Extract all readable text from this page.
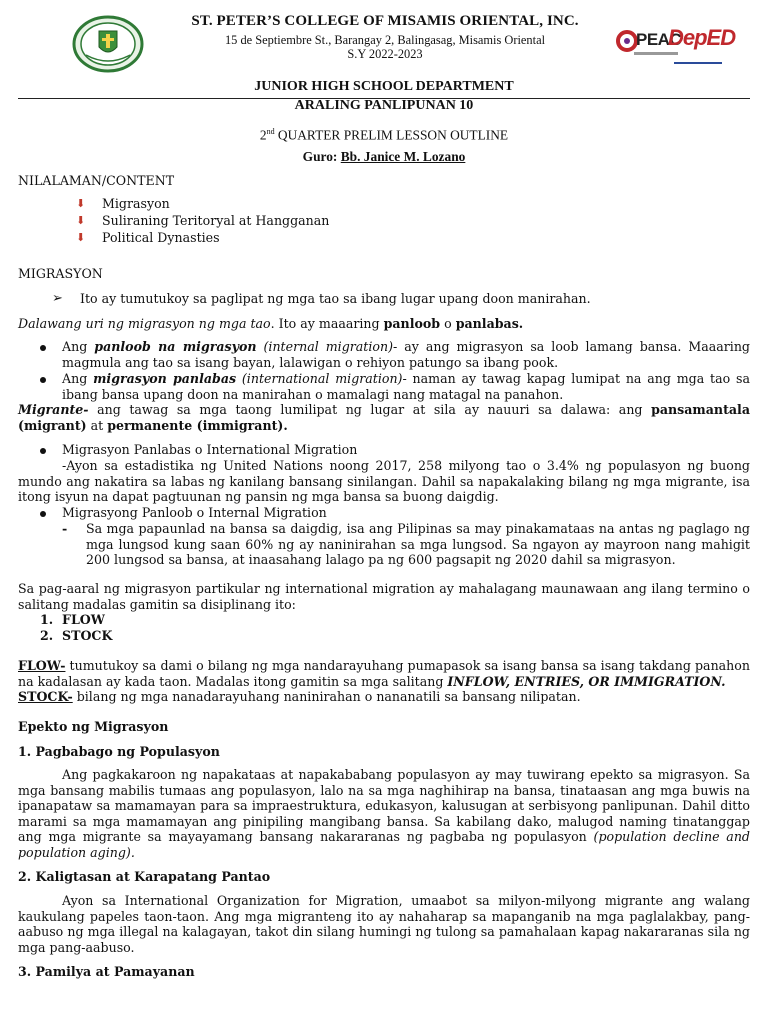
ST. PETER’S COLLEGE OF MISAMIS ORIENTAL, INC.
15 de Septiembre St., Barangay 2, Balingasag, Misamis Oriental
S.Y 2022-2023
PEAC
DepED
JUNIOR HIGH SCHOOL DEPARTMENT
ARALING PANLIPUNAN 10
2nd QUARTER PRELIM LESSON OUTLINE
Guro: Bb. Janice M. Lozano
NILALAMAN/CONTENT
⬇ Migrasyon
⬇ Suliraning Teritoryal at Hangganan
⬇ Political Dynasties
MIGRASYON
➢ Ito ay tumutukoy sa paglipat ng mga tao sa ibang lugar upang doon manirahan.
Dalawang uri ng migrasyon ng mga tao. Ito ay maaaring panloob o panlabas.
Ang panloob na migrasyon (internal migration)- ay ang migrasyon sa loob lamang bansa. Maaaring magmula ang tao sa isang bayan, lalawigan o rehiyon patungo sa ibang pook.
Ang migrasyon panlabas (international migration)- naman ay tawag kapag lumipat na ang mga tao sa ibang bansa upang doon na manirahan o mamalagi nang matagal na panahon.
Migrante- ang tawag sa mga taong lumilipat ng lugar at sila ay nauuri sa dalawa: ang pansamantala (migrant) at permanente (immigrant).
Migrasyon Panlabas o International Migration
-Ayon sa estadistika ng United Nations noong 2017, 258 milyong tao o 3.4% ng populasyon ng buong mundo ang nakatira sa labas ng kanilang bansang sinilangan. Dahil sa napakalaking bilang ng mga migrante, isa itong isyun na dapat pagtuunan ng pansin ng mga bansa sa buong daigdig.
Migrasyong Panloob o Internal Migration
- Sa mga papaunlad na bansa sa daigdig, isa ang Pilipinas sa may pinakamataas na antas ng paglago ng mga lungsod kung saan 60% ng ay naninirahan sa mga lungsod. Sa ngayon ay mayroon nang mahigit 200 lungsod sa bansa, at inaasahang lalago pa ng 600 pagsapit ng 2020 dahil sa migrasyon.
Sa pag-aaral ng migrasyon partikular ng international migration ay mahalagang maunawaan ang ilang termino o salitang madalas gamitin sa disiplinang ito:
1. FLOW
2. STOCK
FLOW- tumutukoy sa dami o bilang ng mga nandarayuhang pumapasok sa isang bansa sa isang takdang panahon na kadalasan ay kada taon. Madalas itong gamitin sa mga salitang INFLOW, ENTRIES, OR IMMIGRATION.
STOCK- bilang ng mga nanadarayuhang naninirahan o nananatili sa bansang nilipatan.
Epekto ng Migrasyon
1. Pagbabago ng Populasyon
Ang pagkakaroon ng napakataas at napakababang populasyon ay may tuwirang epekto sa migrasyon. Sa mga bansang mabilis tumaas ang populasyon, lalo na sa mga naghihirap na bansa, tinataasan ang mga buwis na ipanapataw sa mamamayan para sa impraestruktura, edukasyon, kalusugan at serbisyong panlipunan. Dahil ditto marami sa mga mamamayan ang pinipiling mangibang bansa. Sa kabilang dako, malugod naming tinatanggap ang mga migrante sa mayayamang bansang nakararanas ng pagbaba ng populasyon (population decline and population aging).
2. Kaligtasan at Karapatang Pantao
Ayon sa International Organization for Migration, umaabot sa milyon-milyong migrante ang walang kaukulang papeles taon-taon. Ang mga migranteng ito ay nahaharap sa mapanganib na mga paglalakbay, pang-aabuso ng mga illegal na kalagayan, takot din silang humingi ng tulong sa pamahalaan kapag nakararanas sila ng mga pang-aabuso.
3. Pamilya at Pamayanan
